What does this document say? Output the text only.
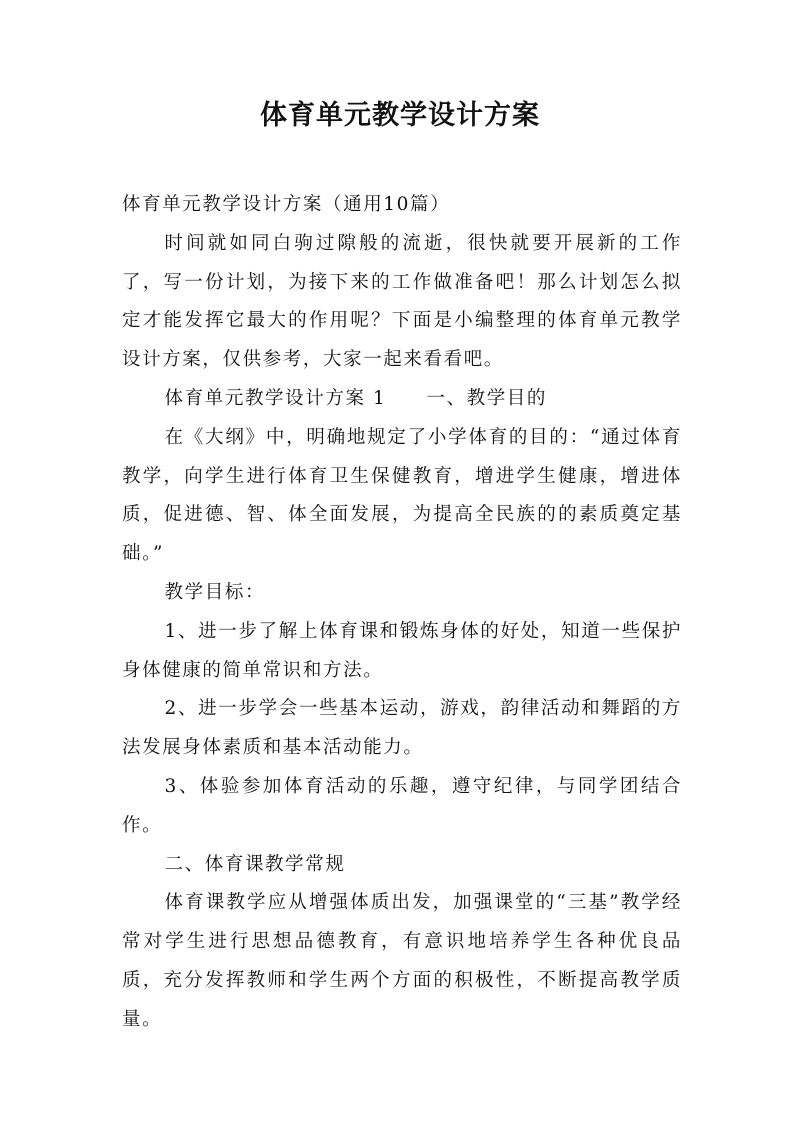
体育单元教学设计方案

体育单元教学设计方案（通用10篇）

时间就如同白驹过隙般的流逝，很快就要开展新的工作了，写一份计划，为接下来的工作做准备吧！那么计划怎么拟定才能发挥它最大的作用呢？下面是小编整理的体育单元教学设计方案，仅供参考，大家一起来看看吧。

体育单元教学设计方案 1 一、教学目的

在《大纲》中，明确地规定了小学体育的目的：“通过体育教学，向学生进行体育卫生保健教育，增进学生健康，增进体质，促进德、智、体全面发展，为提高全民族的的素质奠定基础。”

教学目标：

1、进一步了解上体育课和锻炼身体的好处，知道一些保护身体健康的简单常识和方法。

2、进一步学会一些基本运动，游戏，韵律活动和舞蹈的方法发展身体素质和基本活动能力。

3、体验参加体育活动的乐趣，遵守纪律，与同学团结合作。

二、体育课教学常规

体育课教学应从增强体质出发，加强课堂的“三基”教学经常对学生进行思想品德教育，有意识地培养学生各种优良品质，充分发挥教师和学生两个方面的积极性，不断提高教学质量。
